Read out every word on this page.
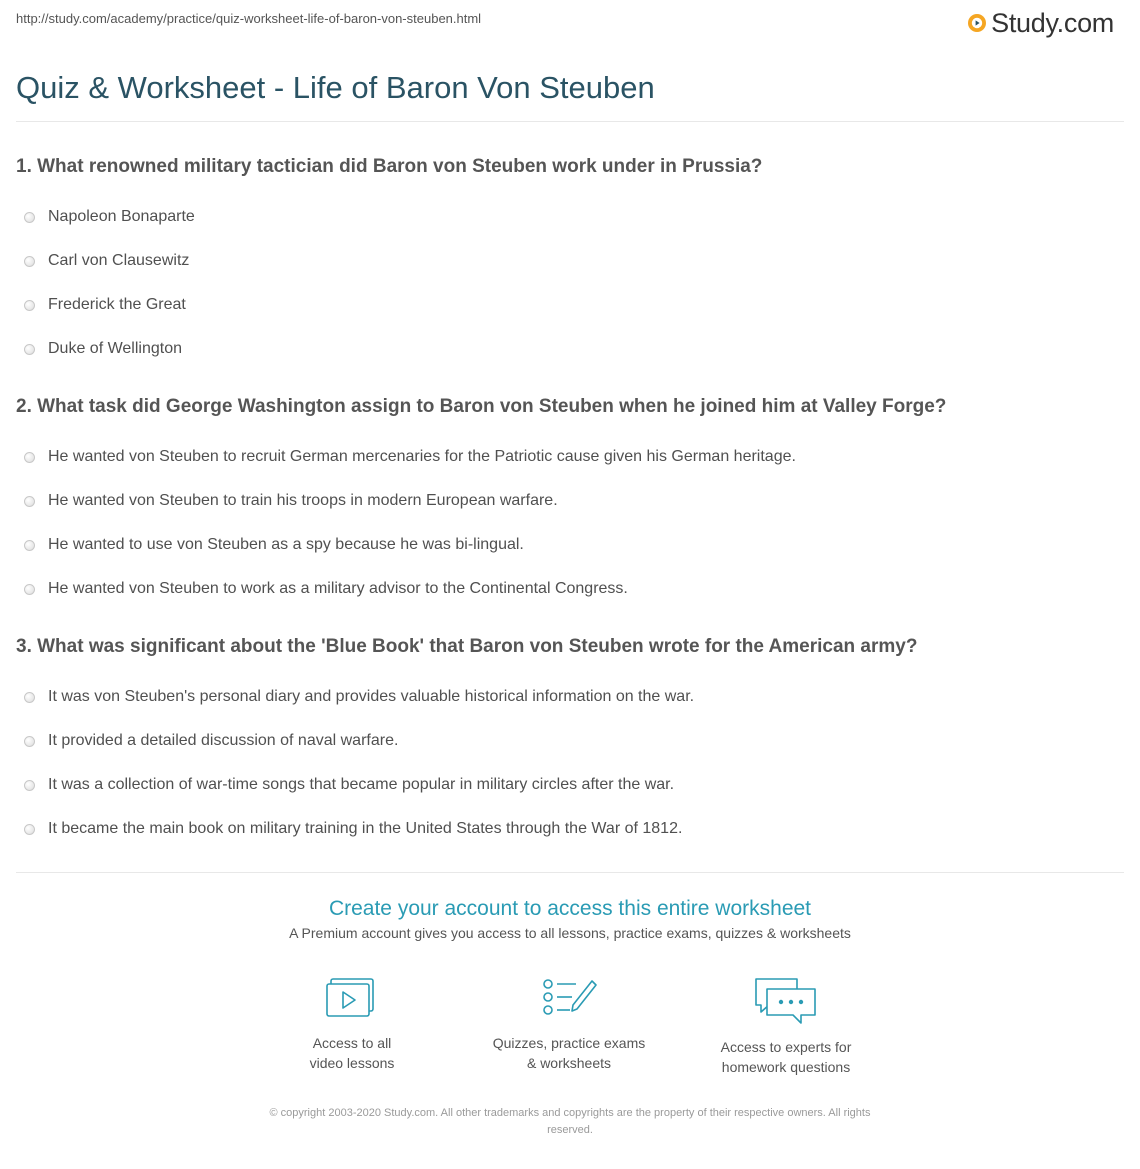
http://study.com/academy/practice/quiz-worksheet-life-of-baron-von-steuben.html	Study.com
Quiz & Worksheet - Life of Baron Von Steuben

1. What renowned military tactician did Baron von Steuben work under in Prussia?

Napoleon Bonaparte
Carl von Clausewitz
Frederick the Great
Duke of Wellington

2. What task did George Washington assign to Baron von Steuben when he joined him at Valley Forge?

He wanted von Steuben to recruit German mercenaries for the Patriotic cause given his German heritage.
He wanted von Steuben to train his troops in modern European warfare.
He wanted to use von Steuben as a spy because he was bi-lingual.
He wanted von Steuben to work as a military advisor to the Continental Congress.

3. What was significant about the 'Blue Book' that Baron von Steuben wrote for the American army?

It was von Steuben's personal diary and provides valuable historical information on the war.
It provided a detailed discussion of naval warfare.
It was a collection of war-time songs that became popular in military circles after the war.
It became the main book on military training in the United States through the War of 1812.
Create your account to access this entire worksheet
A Premium account gives you access to all lessons, practice exams, quizzes & worksheets
Access to all
video lessons
Quizzes, practice exams
& worksheets
Access to experts for
homework questions
© copyright 2003-2020 Study.com. All other trademarks and copyrights are the property of their respective owners. All rights
reserved.
